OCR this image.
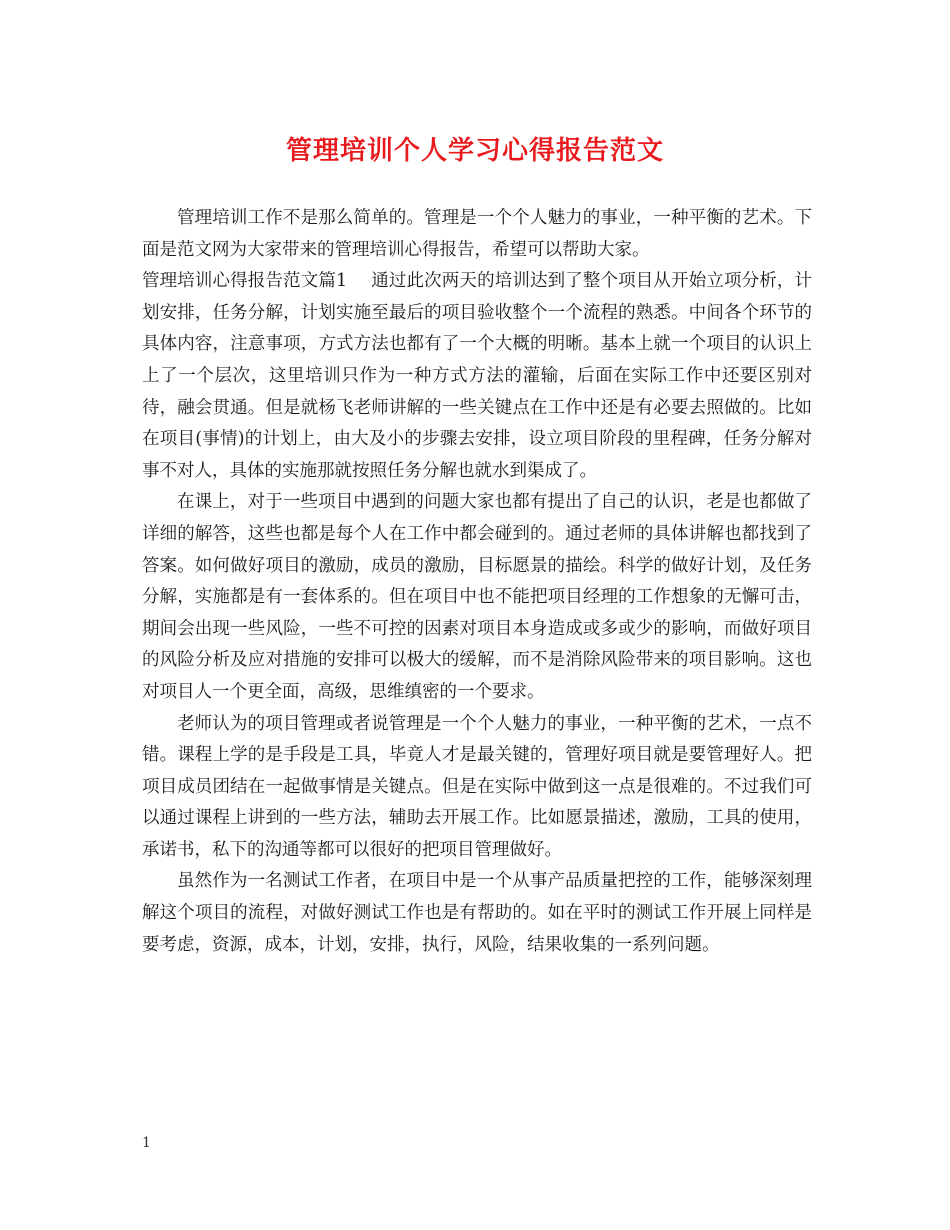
管理培训个人学习心得报告范文

管理培训工作不是那么简单的。管理是一个个人魅力的事业，一种平衡的艺术。下面是范文网为大家带来的管理培训心得报告，希望可以帮助大家。

管理培训心得报告范文篇1 通过此次两天的培训达到了整个项目从开始立项分析，计划安排，任务分解，计划实施至最后的项目验收整个一个流程的熟悉。中间各个环节的具体内容，注意事项，方式方法也都有了一个大概的明晰。基本上就一个项目的认识上上了一个层次，这里培训只作为一种方式方法的灌输，后面在实际工作中还要区别对待，融会贯通。但是就杨飞老师讲解的一些关键点在工作中还是有必要去照做的。比如在项目(事情)的计划上，由大及小的步骤去安排，设立项目阶段的里程碑，任务分解对事不对人，具体的实施那就按照任务分解也就水到渠成了。

在课上，对于一些项目中遇到的问题大家也都有提出了自己的认识，老是也都做了详细的解答，这些也都是每个人在工作中都会碰到的。通过老师的具体讲解也都找到了答案。如何做好项目的激励，成员的激励，目标愿景的描绘。科学的做好计划，及任务分解，实施都是有一套体系的。但在项目中也不能把项目经理的工作想象的无懈可击，期间会出现一些风险，一些不可控的因素对项目本身造成或多或少的影响，而做好项目的风险分析及应对措施的安排可以极大的缓解，而不是消除风险带来的项目影响。这也对项目人一个更全面，高级，思维缜密的一个要求。

老师认为的项目管理或者说管理是一个个人魅力的事业，一种平衡的艺术，一点不错。课程上学的是手段是工具，毕竟人才是最关键的，管理好项目就是要管理好人。把项目成员团结在一起做事情是关键点。但是在实际中做到这一点是很难的。不过我们可以通过课程上讲到的一些方法，辅助去开展工作。比如愿景描述，激励，工具的使用，承诺书，私下的沟通等都可以很好的把项目管理做好。

虽然作为一名测试工作者，在项目中是一个从事产品质量把控的工作，能够深刻理解这个项目的流程，对做好测试工作也是有帮助的。如在平时的测试工作开展上同样是要考虑，资源，成本，计划，安排，执行，风险，结果收集的一系列问题。

1
